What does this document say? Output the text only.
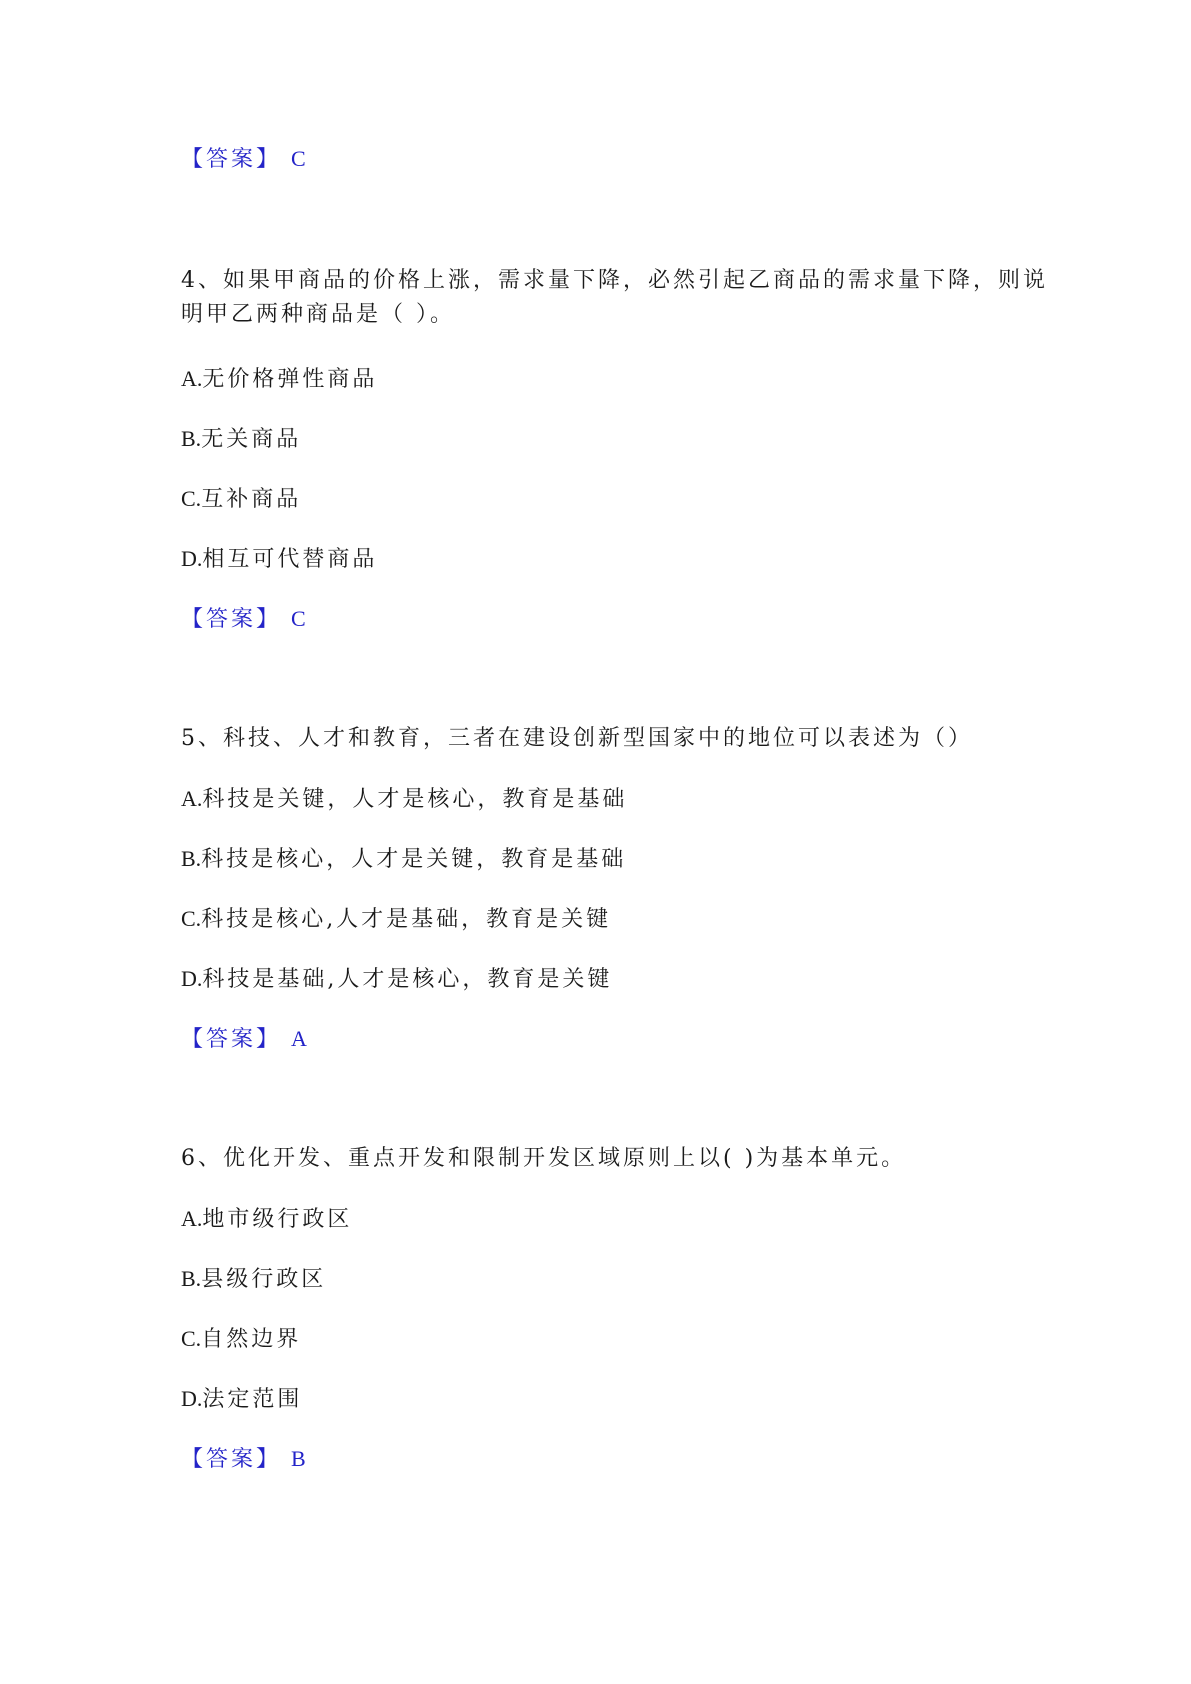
【答案】 C
4、如果甲商品的价格上涨，需求量下降，必然引起乙商品的需求量下降，则说
明甲乙两种商品是（ ）。
A.无价格弹性商品
B.无关商品
C.互补商品
D.相互可代替商品
【答案】 C
5、科技、人才和教育，三者在建设创新型国家中的地位可以表述为（）
A.科技是关键，人才是核心，教育是基础
B.科技是核心，人才是关键，教育是基础
C.科技是核心,人才是基础，教育是关键
D.科技是基础,人才是核心，教育是关键
【答案】 A
6、优化开发、重点开发和限制开发区域原则上以( )为基本单元。
A.地市级行政区
B.县级行政区
C.自然边界
D.法定范围
【答案】 B
